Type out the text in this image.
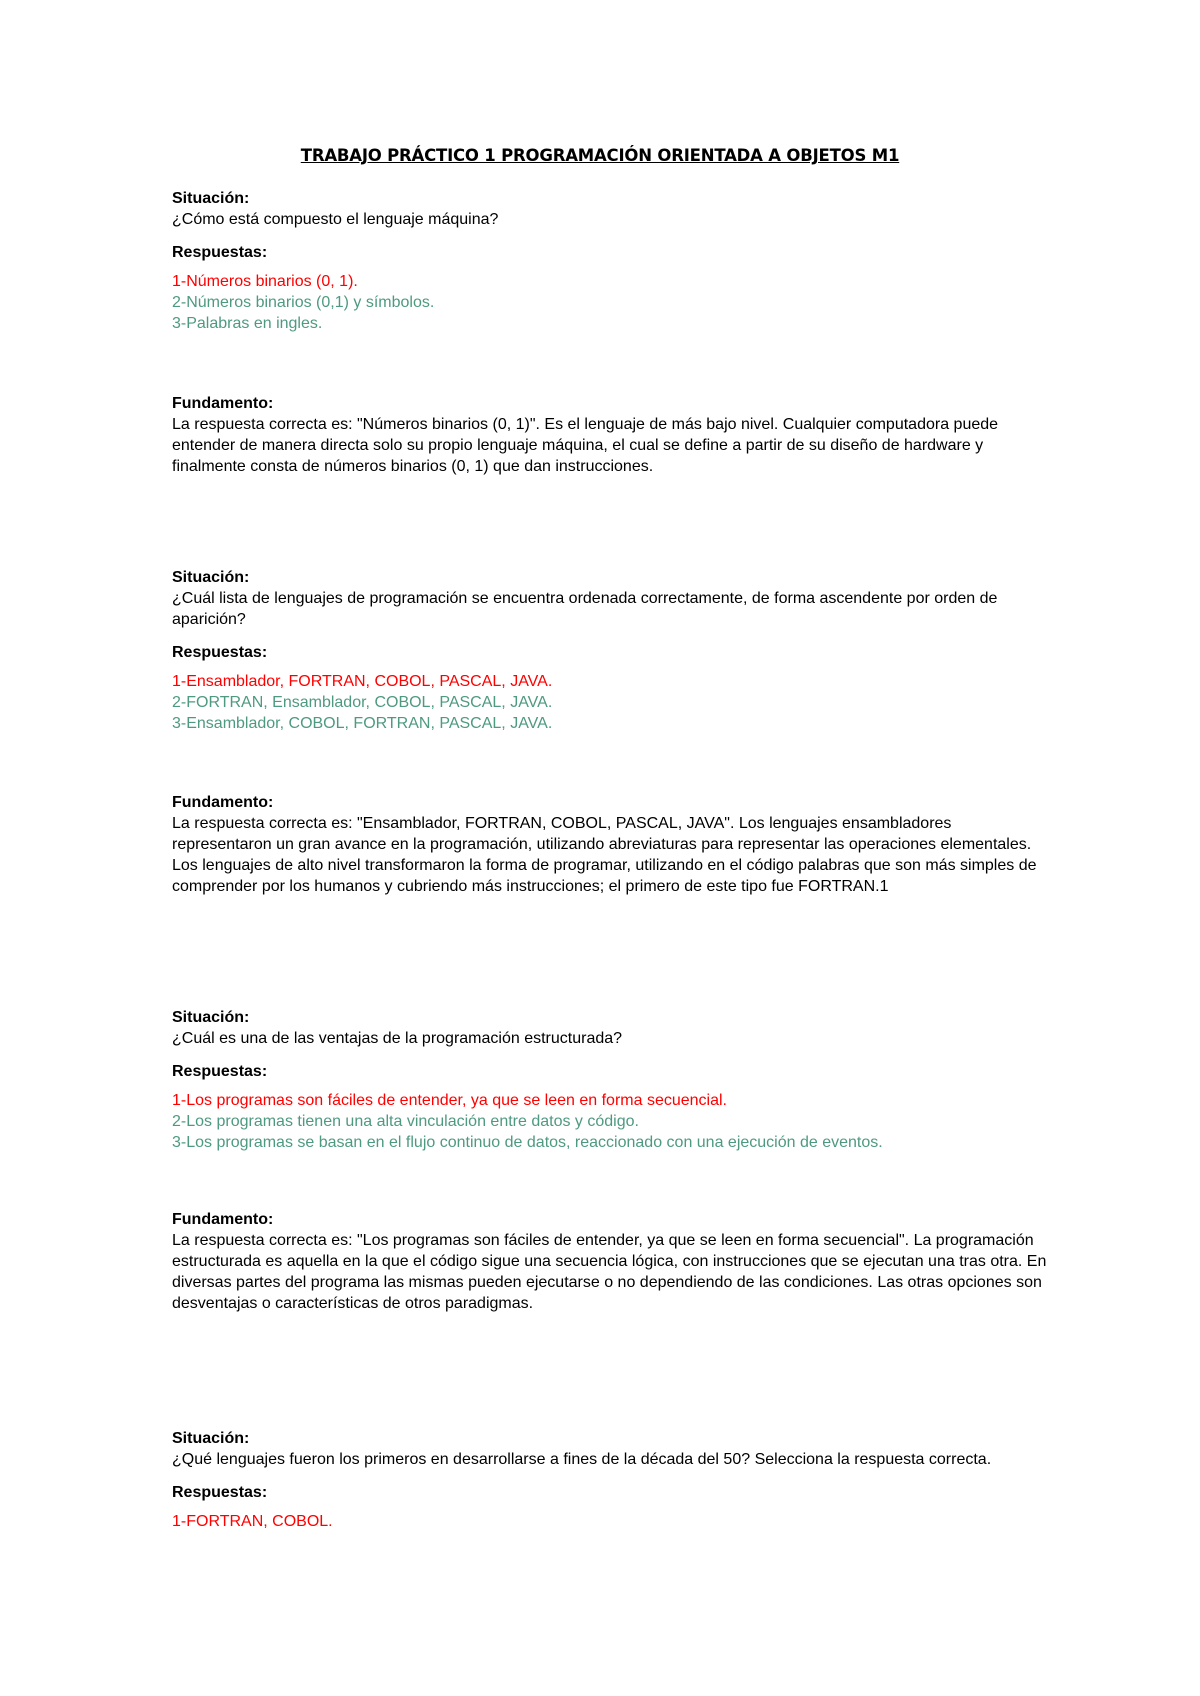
TRABAJO PRÁCTICO 1 PROGRAMACIÓN ORIENTADA A OBJETOS M1
Situación:
¿Cómo está compuesto el lenguaje máquina?
Respuestas:
1-Números binarios (0, 1).
2-Números binarios (0,1) y símbolos.
3-Palabras en ingles.
Fundamento:
La respuesta correcta es: "Números binarios (0, 1)". Es el lenguaje de más bajo nivel. Cualquier computadora puede entender de manera directa solo su propio lenguaje máquina, el cual se define a partir de su diseño de hardware y finalmente consta de números binarios (0, 1) que dan instrucciones.
Situación:
¿Cuál lista de lenguajes de programación se encuentra ordenada correctamente, de forma ascendente por orden de aparición?
Respuestas:
1-Ensamblador, FORTRAN, COBOL, PASCAL, JAVA.
2-FORTRAN, Ensamblador, COBOL, PASCAL, JAVA.
3-Ensamblador, COBOL, FORTRAN, PASCAL, JAVA.
Fundamento:
La respuesta correcta es: "Ensamblador, FORTRAN, COBOL, PASCAL, JAVA". Los lenguajes ensambladores representaron un gran avance en la programación, utilizando abreviaturas para representar las operaciones elementales. Los lenguajes de alto nivel transformaron la forma de programar, utilizando en el código palabras que son más simples de comprender por los humanos y cubriendo más instrucciones; el primero de este tipo fue FORTRAN.1
Situación:
¿Cuál es una de las ventajas de la programación estructurada?
Respuestas:
1-Los programas son fáciles de entender, ya que se leen en forma secuencial.
2-Los programas tienen una alta vinculación entre datos y código.
3-Los programas se basan en el flujo continuo de datos, reaccionado con una ejecución de eventos.
Fundamento:
La respuesta correcta es: "Los programas son fáciles de entender, ya que se leen en forma secuencial". La programación estructurada es aquella en la que el código sigue una secuencia lógica, con instrucciones que se ejecutan una tras otra. En diversas partes del programa las mismas pueden ejecutarse o no dependiendo de las condiciones. Las otras opciones son desventajas o características de otros paradigmas.
Situación:
¿Qué lenguajes fueron los primeros en desarrollarse a fines de la década del 50? Selecciona la respuesta correcta.
Respuestas:
1-FORTRAN, COBOL.
